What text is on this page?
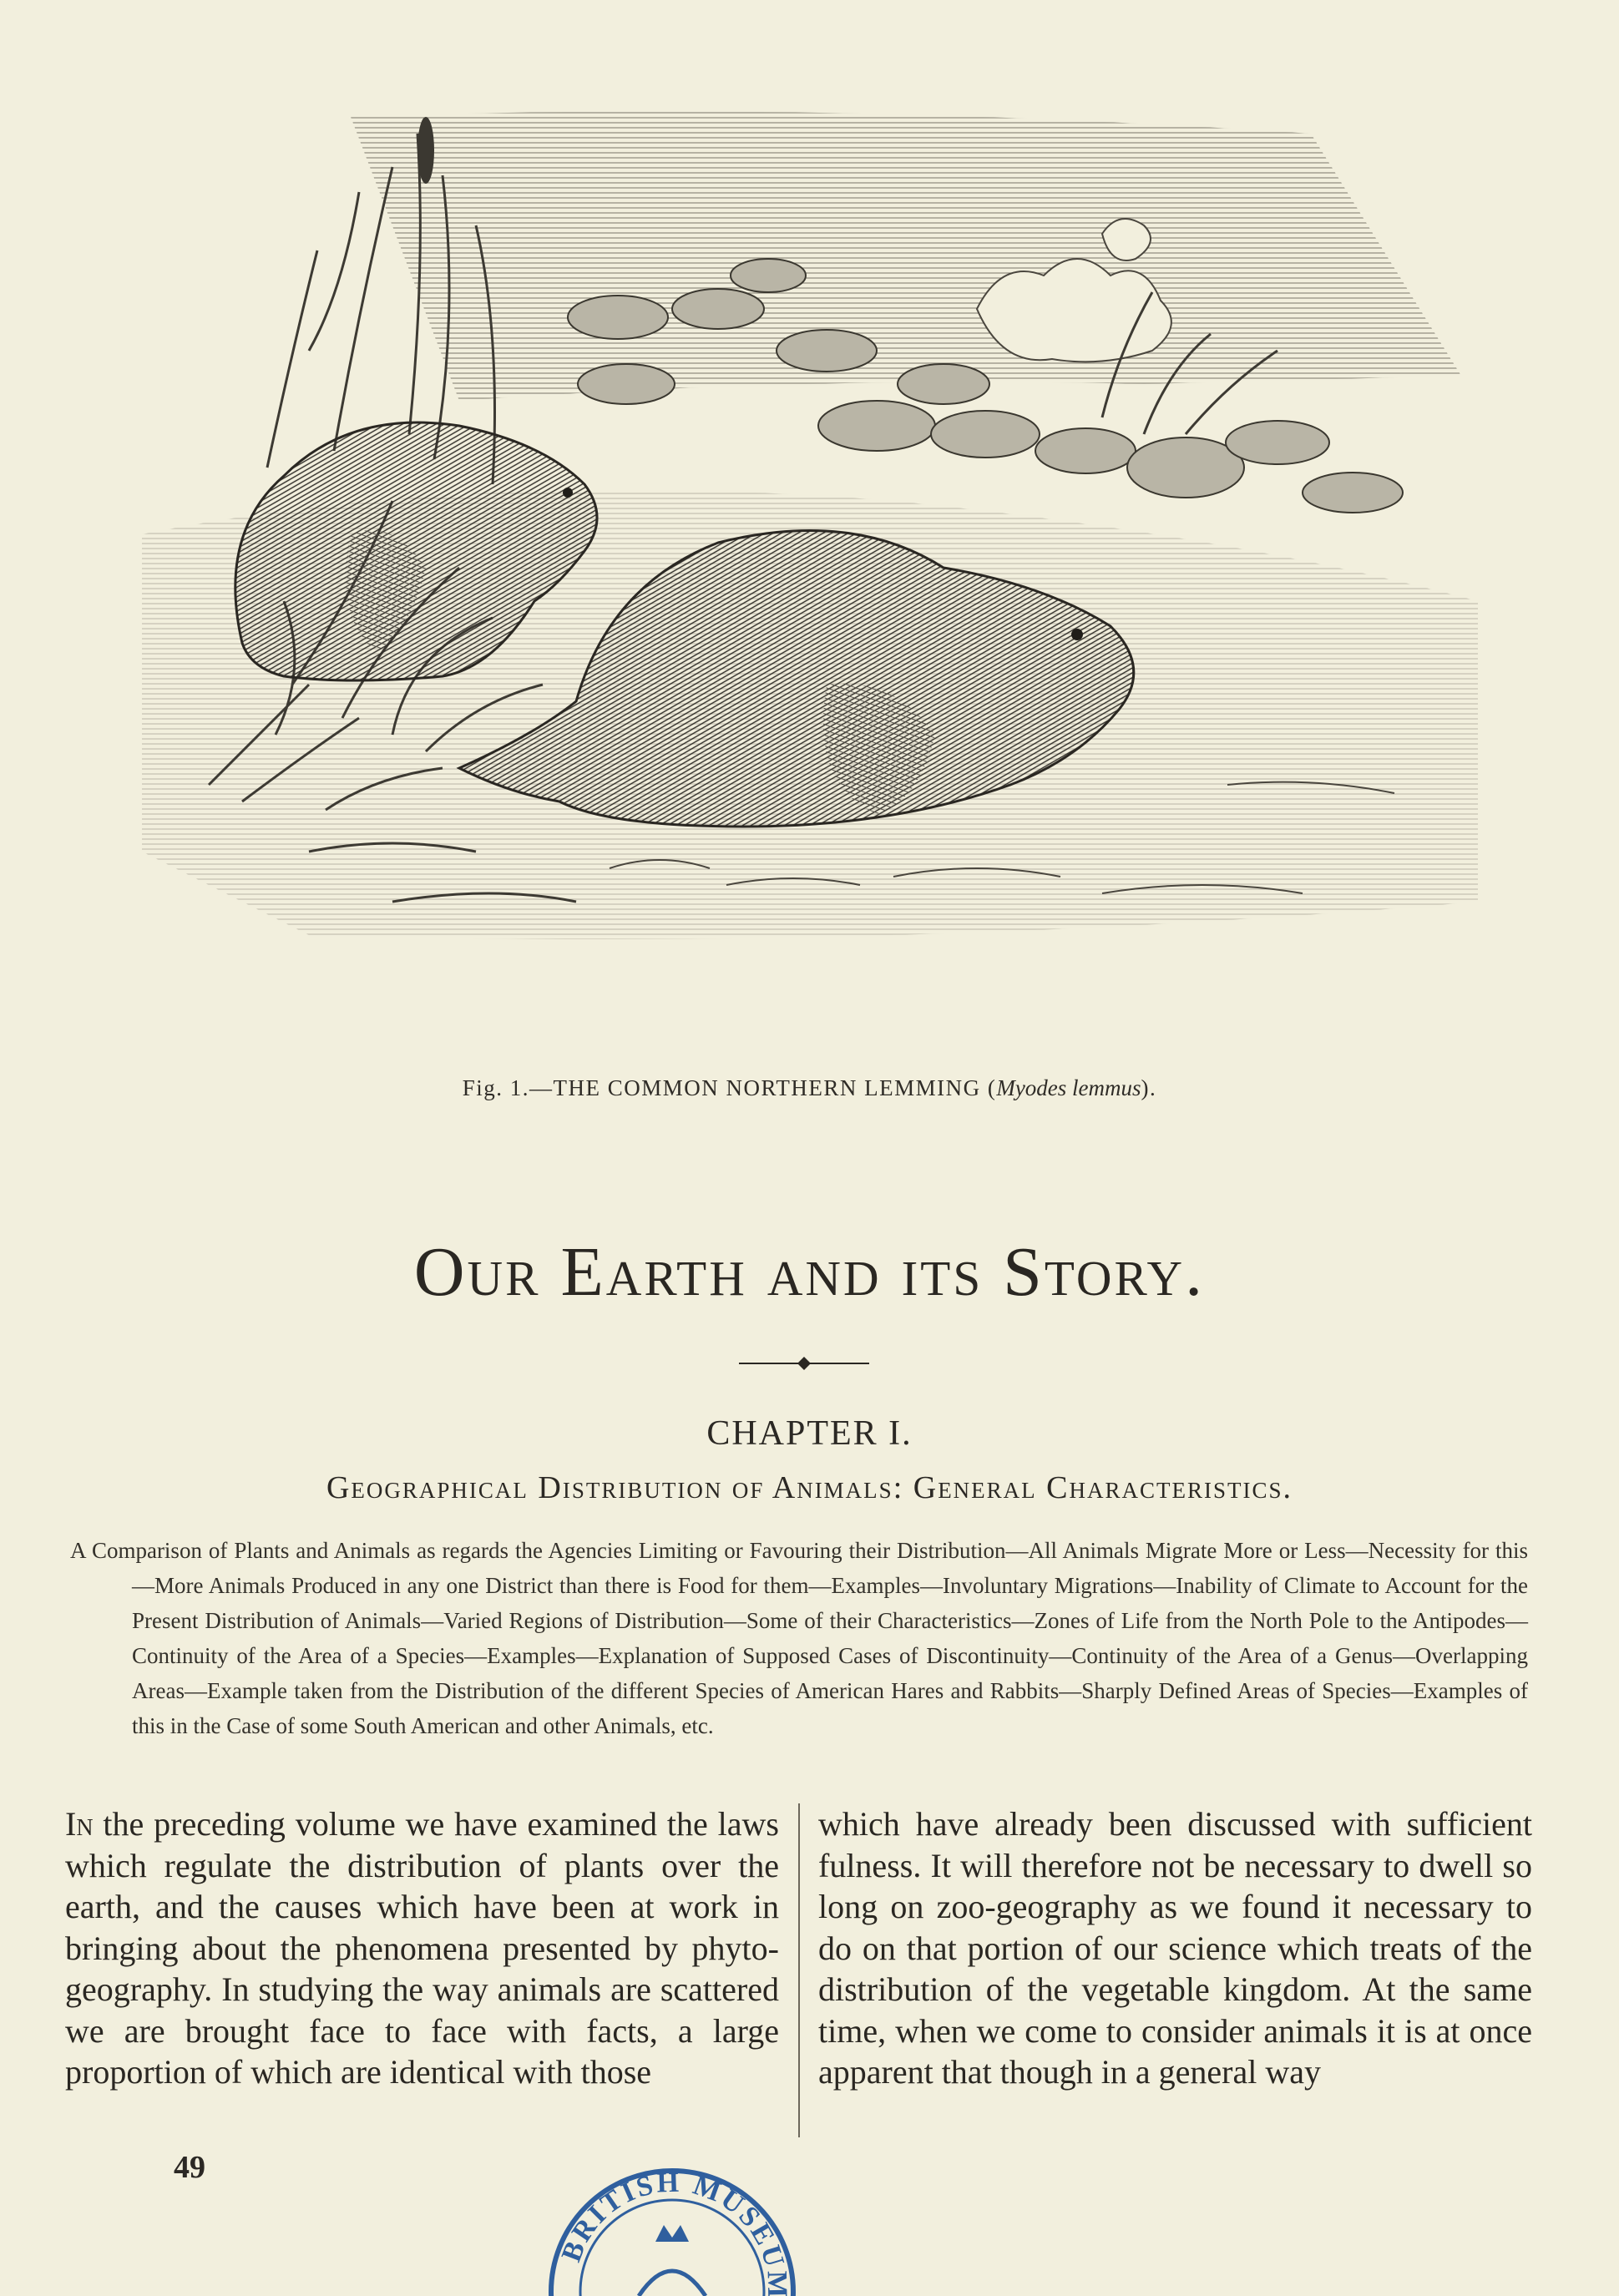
Fig. 1.—THE COMMON NORTHERN LEMMING (Myodes lemmus).
Our Earth and its Story.
CHAPTER I.
Geographical Distribution of Animals: General Characteristics.
A Comparison of Plants and Animals as regards the Agencies Limiting or Favouring their Distribution—All Animals Migrate More or Less—Necessity for this—More Animals Produced in any one District than there is Food for them—Examples—Involuntary Migrations—Inability of Climate to Account for the Present Distribution of Animals—Varied Regions of Distribution—Some of their Characteristics—Zones of Life from the North Pole to the Antipodes—Continuity of the Area of a Species—Examples—Explanation of Supposed Cases of Discontinuity—Continuity of the Area of a Genus—Overlapping Areas—Example taken from the Distribution of the different Species of American Hares and Rabbits—Sharply Defined Areas of Species—Examples of this in the Case of some South American and other Animals, etc.
In the preceding volume we have examined the laws which regulate the distribution of plants over the earth, and the causes which have been at work in bringing about the phenomena presented by phyto-geography. In studying the way animals are scattered we are brought face to face with facts, a large proportion of which are identical with those
which have already been discussed with sufficient fulness. It will therefore not be necessary to dwell so long on zoo-geography as we found it necessary to do on that portion of our science which treats of the distribution of the vegetable kingdom. At the same time, when we come to consider animals it is at once apparent that though in a general way
49
BRITISH MUSEUM
